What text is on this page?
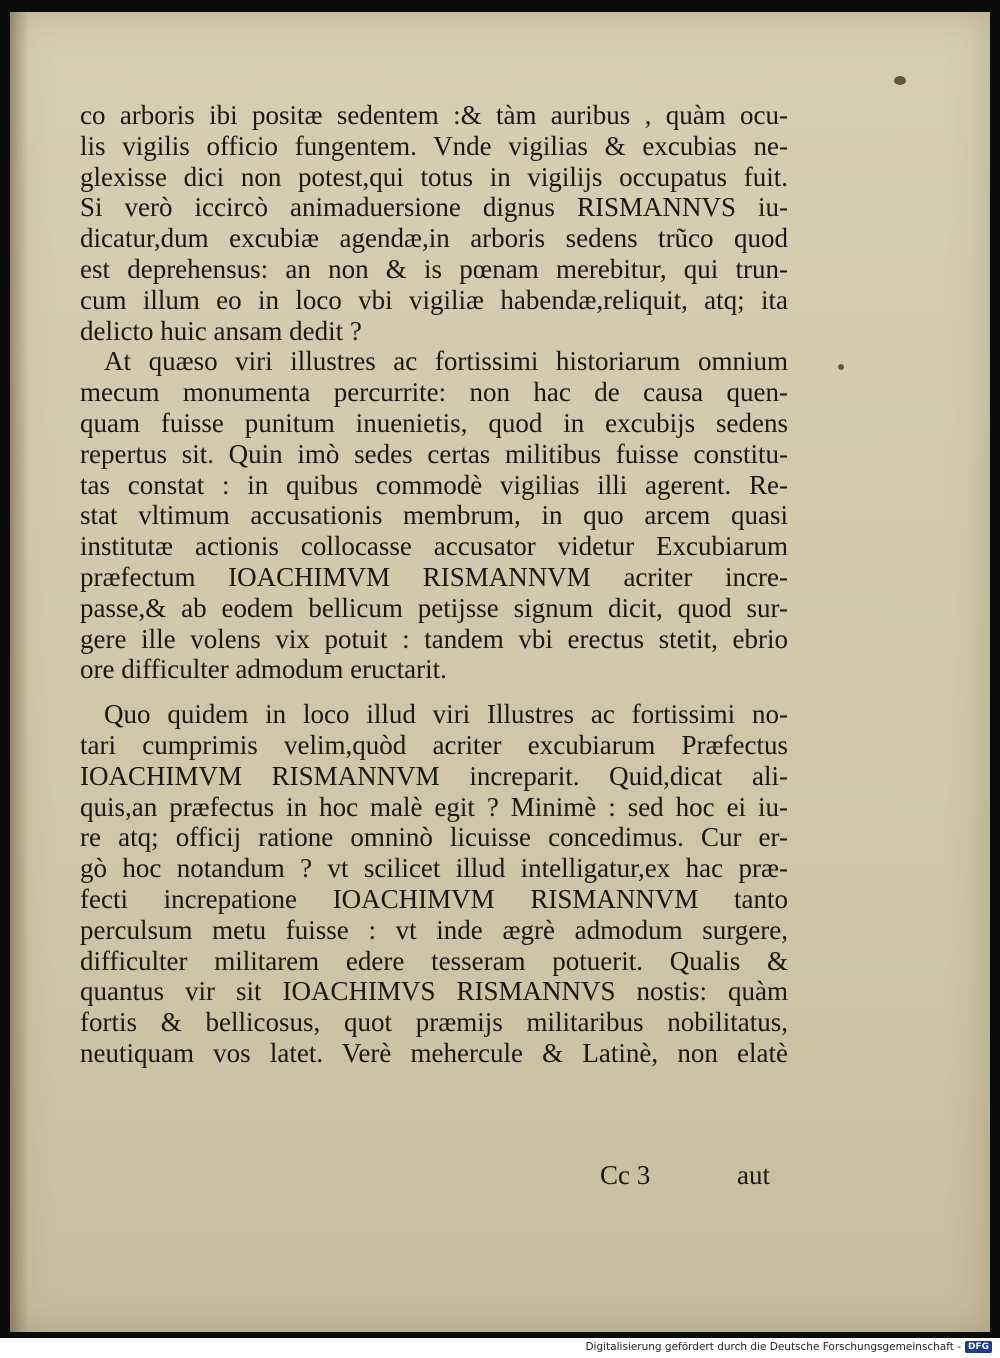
co arboris ibi positæ sedentem :& tàm auribus , quàm ocu-
lis vigilis officio fungentem. Vnde vigilias & excubias ne-
glexisse dici non potest,qui totus in vigilijs occupatus fuit.
Si verò iccircò animaduersione dignus RISMANNVS iu-
dicatur,dum excubiæ agendæ,in arboris sedens trũco quod
est deprehensus: an non & is pœnam merebitur, qui trun-
cum illum eo in loco vbi vigiliæ habendæ,reliquit, atq; ita
delicto huic ansam dedit ?
At quæso viri illustres ac fortissimi historiarum omnium
mecum monumenta percurrite: non hac de causa quen-
quam fuisse punitum inuenietis, quod in excubijs sedens
repertus sit. Quin imò sedes certas militibus fuisse constitu-
tas constat : in quibus commodè vigilias illi agerent. Re-
stat vltimum accusationis membrum, in quo arcem quasi
institutæ actionis collocasse accusator videtur Excubiarum
præfectum IOACHIMVM RISMANNVM acriter incre-
passe,& ab eodem bellicum petijsse signum dicit, quod sur-
gere ille volens vix potuit : tandem vbi erectus stetit, ebrio
ore difficulter admodum eructarit.
Quo quidem in loco illud viri Illustres ac fortissimi no-
tari cumprimis velim,quòd acriter excubiarum Præfectus
IOACHIMVM RISMANNVM increparit. Quid,dicat ali-
quis,an præfectus in hoc malè egit ? Minimè : sed hoc ei iu-
re atq; officij ratione omninò licuisse concedimus. Cur er-
gò hoc notandum ? vt scilicet illud intelligatur,ex hac præ-
fecti increpatione IOACHIMVM RISMANNVM tanto
perculsum metu fuisse : vt inde ægrè admodum surgere,
difficulter militarem edere tesseram potuerit. Qualis &
quantus vir sit IOACHIMVS RISMANNVS nostis: quàm
fortis & bellicosus, quot præmijs militaribus nobilitatus,
neutiquam vos latet. Verè mehercule & Latinè, non elatè
Cc 3	aut
Digitalisierung gefördert durch die Deutsche Forschungsgemeinschaft - DFG
